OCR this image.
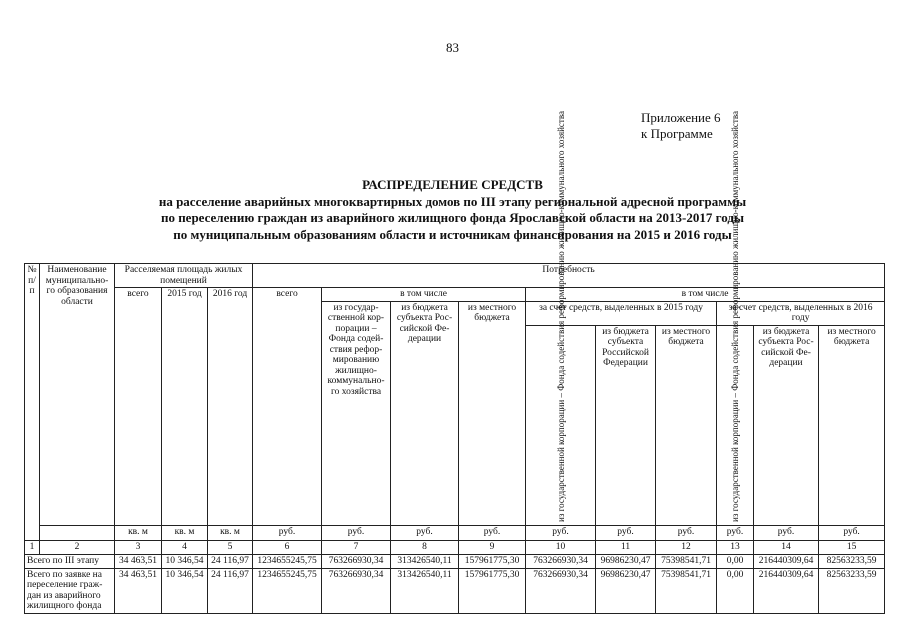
83
Приложение 6
к Программе
РАСПРЕДЕЛЕНИЕ СРЕДСТВ
на расселение аварийных многоквартирных домов по III этапу региональной адресной программы
по переселению граждан из аварийного жилищного фонда Ярославской области на 2013-2017 годы
по муниципальным образованиям области и источникам финансирования на 2015 и 2016 годы
№ п/п	Наименование муниципально-го образования области	Расселяемая площадь жилых помещений			Потребность									
		всего	2015 год	2016 год	всего	в том числе			в том числе					
						из государ-ственной кор-порации – Фонда содей-ствия рефор-мированию жилищно-коммунально-го хозяйства	из бюджета субъекта Рос-сийской Фе-дерации	из местного бюджета	за счет средств, выделенных в 2015 году			за счет средств, выделенных в 2016 году		
									из государственной корпорации – Фонда содействия реформированию жилищно-коммунального хозяйства	из бюджета субъекта Российской Федерации	из местного бюджета	из государственной корпорации – Фонда содействия реформированию жилищно-коммунального хозяйства	из бюджета субъекта Рос-сийской Фе-дерации	из местного бюджета
		кв. м	кв. м	кв. м	руб.	руб.	руб.	руб.	руб.	руб.	руб.	руб.	руб.	руб.
1	2	3	4	5	6	7	8	9	10	11	12	13	14	15
Всего по III этапу		34 463,51	10 346,54	24 116,97	1234655245,75	763266930,34	313426540,11	157961775,30	763266930,34	96986230,47	75398541,71	0,00	216440309,64	82563233,59
Всего по заявке на переселение граж-дан из аварийного жилищного фонда		34 463,51	10 346,54	24 116,97	1234655245,75	763266930,34	313426540,11	157961775,30	763266930,34	96986230,47	75398541,71	0,00	216440309,64	82563233,59
